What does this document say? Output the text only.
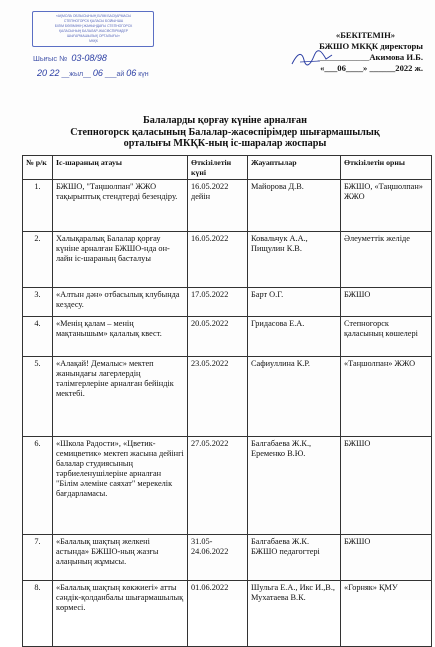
«АҚМОЛА ОБЛЫСЫНЫҢ БІЛІМ БАСҚАРМАСЫ
СТЕПНОГОРСК ҚАЛАСЫ БОЙЫНША
БІЛІМ БӨЛІМІНІҢ ЖАНЫНДАҒЫ СТЕПНОГОРСК
ҚАЛАСЫНЫҢ БАЛАЛАР-ЖАСӨСПІРІМДЕР
ШЫҒАРМАШЫЛЫҚ ОРТАЛЫҒЫ»
МКҚК
Шығыс № 03-08/98
20 22 __жыл__ 06 ___ай 06 күн
«БЕКІТЕМІН»
БЖШО МКҚК директоры
____________Акимова И.Б.
«___06____» ______2022 ж.
Балаларды қорғау күніне арналған
Степногорск қаласының Балалар-жасөспірімдер шығармашылық
орталығы МКҚК-ның іс-шаралар жоспары
№ р/к	Іс-шараның атауы	Өткізілетін күні	Жауаптылар	Өткізілетін орны
1.	БЖШО, "Таңшолпан" ЖЖО тақырыптық стендтерді безендіру.	16.05.2022 дейін	Майорова Д.В.	БЖШО, «Таңшолпан» ЖЖО
2.	Халықаралық Балалар қорғау күніне арналған БЖШО-нда он-лайн іс-шараның басталуы	16.05.2022	Ковальчук А.А., Пищулин К.В.	Әлеуметтік желіде
3.	«Алтын дән» отбасылық клубында кездесу.	17.05.2022	Барт О.Г.	БЖШО
4.	«Менің қалам – менің мақтанышым» қалалық квест.	20.05.2022	Гридасова Е.А.	Степногорск қаласының көшелері
5.	«Алақай! Демалыс» мектеп жанындағы лагерлердің тәлімгерлеріне арналған бейіндік мектебі.	23.05.2022	Сафиуллина К.Р.	«Таңшолпан» ЖЖО
6.	«Школа Радости», «Цветик-семицветик» мектеп жасына дейінгі балалар студиясының тәрбиеленушілеріне арналған "Білім әлеміне саяхат" мерекелік бағдарламасы.	27.05.2022	Балгабаева Ж.К., Еременко В.Ю.	БЖШО
7.	«Балалық шақтың желкені астында» БЖШО-ның жазғы алаңының жұмысы.	31.05-24.06.2022	Балгабаева Ж.К. БЖШО педагогтері	БЖШО
8.	«Балалық шақтың көкжиегі» атты сәндік-қолданбалы шығармашылық көрмесі.	01.06.2022	Шульга Е.А., Икс И.,В., Мухатаева В.К.	«Горняк» ҚМУ
